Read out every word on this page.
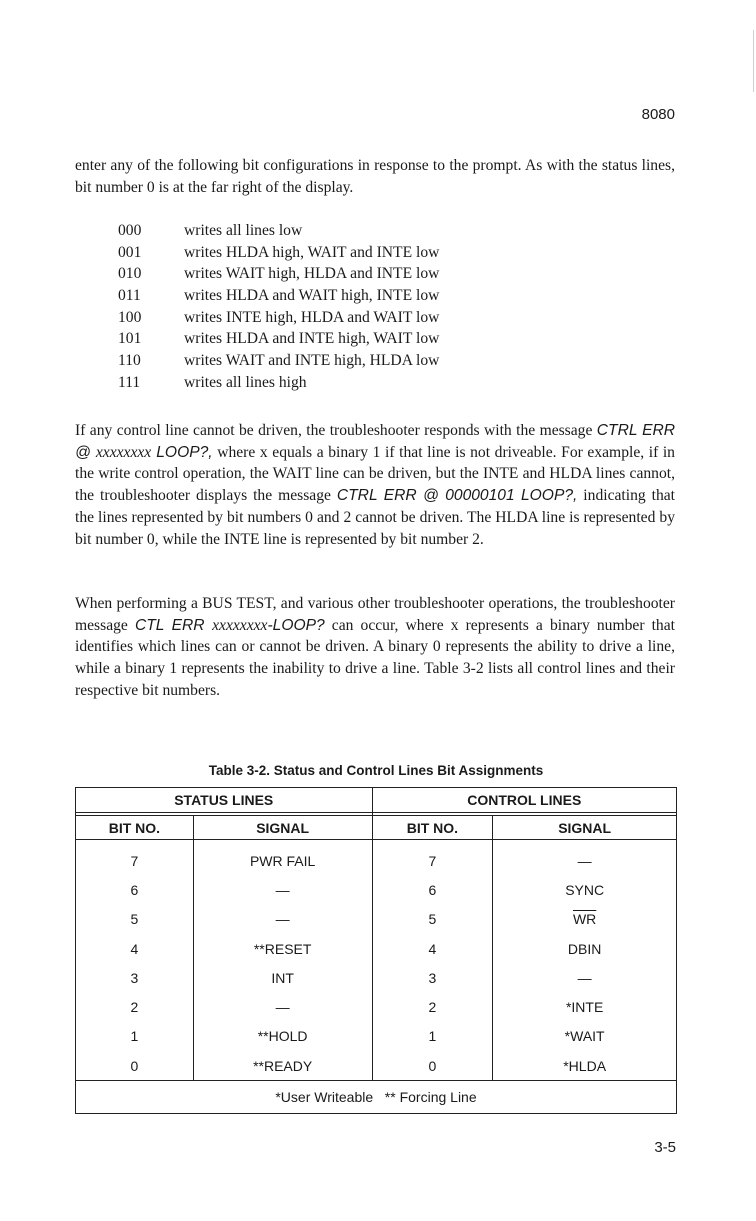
8080

enter any of the following bit configurations in response to the prompt. As with the status lines, bit number 0 is at the far right of the display.

000	writes all lines low
001	writes HLDA high, WAIT and INTE low
010	writes WAIT high, HLDA and INTE low
011	writes HLDA and WAIT high, INTE low
100	writes INTE high, HLDA and WAIT low
101	writes HLDA and INTE high, WAIT low
110	writes WAIT and INTE high, HLDA low
111	writes all lines high

If any control line cannot be driven, the troubleshooter responds with the message CTRL ERR @ xxxxxxxx LOOP?, where x equals a binary 1 if that line is not driveable. For example, if in the write control operation, the WAIT line can be driven, but the INTE and HLDA lines cannot, the troubleshooter displays the message CTRL ERR @ 00000101 LOOP?, indicating that the lines represented by bit numbers 0 and 2 cannot be driven. The HLDA line is represented by bit number 0, while the INTE line is represented by bit number 2.

When performing a BUS TEST, and various other troubleshooter operations, the troubleshooter message CTL ERR xxxxxxxx-LOOP? can occur, where x represents a binary number that identifies which lines can or cannot be driven. A binary 0 represents the ability to drive a line, while a binary 1 represents the inability to drive a line. Table 3-2 lists all control lines and their respective bit numbers.

Table 3-2. Status and Control Lines Bit Assignments
STATUS LINES		CONTROL LINES	

BIT NO.	SIGNAL	BIT NO.	SIGNAL
7	PWR FAIL	7	—
6	—	6	SYNC
5	—	5	$\overline{WR}$
4	**RESET	4	DBIN
3	INT	3	—
2	—	2	*INTE
1	**HOLD	1	*WAIT
0	**READY	0	*HLDA
*User Writeable   ** Forcing Line			
3-5
